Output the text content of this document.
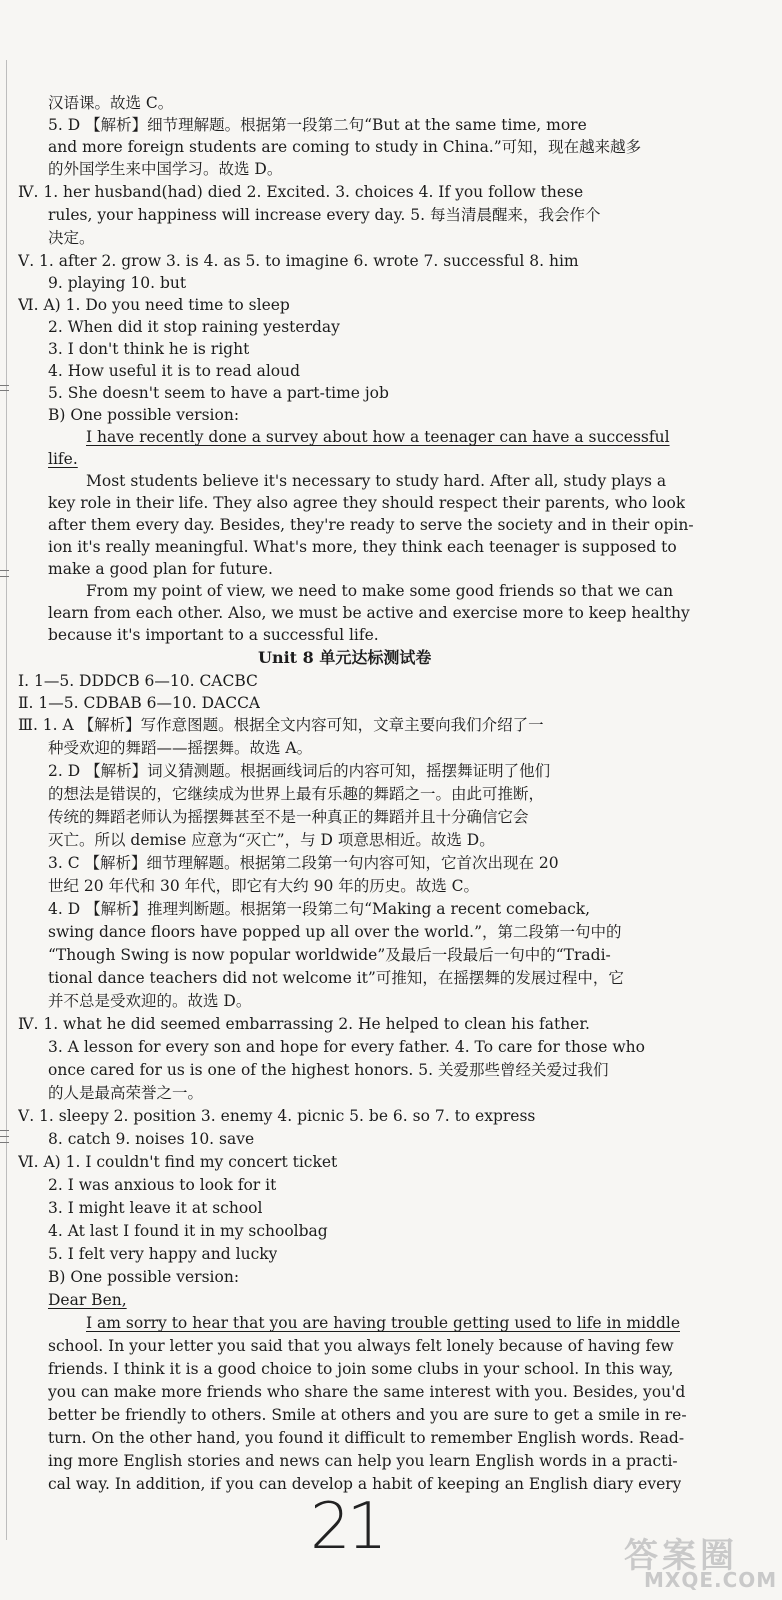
汉语课。故选 C。
5. D 【解析】细节理解题。根据第一段第二句“But at the same time, more
and more foreign students are coming to study in China.”可知，现在越来越多
的外国学生来中国学习。故选 D。
Ⅳ. 1. her husband(had) died 2. Excited. 3. choices 4. If you follow these
rules, your happiness will increase every day. 5. 每当清晨醒来，我会作个
决定。
Ⅴ. 1. after 2. grow 3. is 4. as 5. to imagine 6. wrote 7. successful 8. him
9. playing 10. but
Ⅵ. A) 1. Do you need time to sleep
2. When did it stop raining yesterday
3. I don't think he is right
4. How useful it is to read aloud
5. She doesn't seem to have a part-time job
B) One possible version:
I have recently done a survey about how a teenager can have a successful
life.
Most students believe it's necessary to study hard. After all, study plays a
key role in their life. They also agree they should respect their parents, who look
after them every day. Besides, they're ready to serve the society and in their opin-
ion it's really meaningful. What's more, they think each teenager is supposed to
make a good plan for future.
From my point of view, we need to make some good friends so that we can
learn from each other. Also, we must be active and exercise more to keep healthy
because it's important to a successful life.
Unit 8 单元达标测试卷
Ⅰ. 1—5. DDDCB 6—10. CACBC
Ⅱ. 1—5. CDBAB 6—10. DACCA
Ⅲ. 1. A 【解析】写作意图题。根据全文内容可知，文章主要向我们介绍了一
种受欢迎的舞蹈——摇摆舞。故选 A。
2. D 【解析】词义猜测题。根据画线词后的内容可知，摇摆舞证明了他们
的想法是错误的，它继续成为世界上最有乐趣的舞蹈之一。由此可推断，
传统的舞蹈老师认为摇摆舞甚至不是一种真正的舞蹈并且十分确信它会
灭亡。所以 demise 应意为“灭亡”，与 D 项意思相近。故选 D。
3. C 【解析】细节理解题。根据第二段第一句内容可知，它首次出现在 20
世纪 20 年代和 30 年代，即它有大约 90 年的历史。故选 C。
4. D 【解析】推理判断题。根据第一段第二句“Making a recent comeback,
swing dance floors have popped up all over the world.”，第二段第一句中的
“Though Swing is now popular worldwide”及最后一段最后一句中的“Tradi-
tional dance teachers did not welcome it”可推知，在摇摆舞的发展过程中，它
并不总是受欢迎的。故选 D。
Ⅳ. 1. what he did seemed embarrassing 2. He helped to clean his father.
3. A lesson for every son and hope for every father. 4. To care for those who
once cared for us is one of the highest honors. 5. 关爱那些曾经关爱过我们
的人是最高荣誉之一。
Ⅴ. 1. sleepy 2. position 3. enemy 4. picnic 5. be 6. so 7. to express
8. catch 9. noises 10. save
Ⅵ. A) 1. I couldn't find my concert ticket
2. I was anxious to look for it
3. I might leave it at school
4. At last I found it in my schoolbag
5. I felt very happy and lucky
B) One possible version:
Dear Ben,
I am sorry to hear that you are having trouble getting used to life in middle
school. In your letter you said that you always felt lonely because of having few
friends. I think it is a good choice to join some clubs in your school. In this way,
you can make more friends who share the same interest with you. Besides, you'd
better be friendly to others. Smile at others and you are sure to get a smile in re-
turn. On the other hand, you found it difficult to remember English words. Read-
ing more English stories and news can help you learn English words in a practi-
cal way. In addition, if you can develop a habit of keeping an English diary every
21	答案圈
MXQE.COM
